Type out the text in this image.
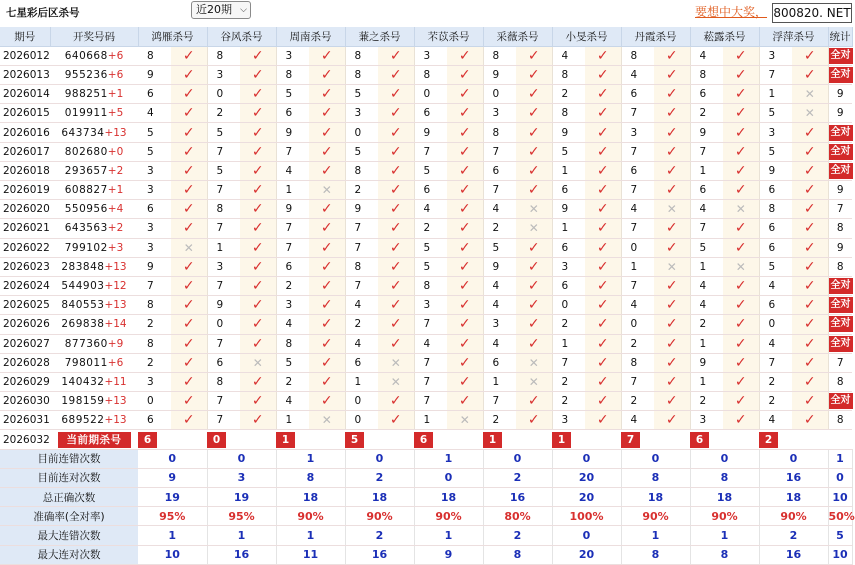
七星彩后区杀号	近20期 ⌵	要想中大奖， 800820. NET
期号	开奖号码	鸿雁杀号		谷风杀号		周南杀号		蒹之杀号		芣苡杀号		采薇杀号		小旻杀号		丹霞杀号		菘露杀号		浮萍杀号		统计
2026012	640668+6	8	✓	8	✓	3	✓	8	✓	3	✓	8	✓	4	✓	8	✓	4	✓	3	✓	全对
2026013	955236+6	9	✓	3	✓	8	✓	8	✓	8	✓	9	✓	8	✓	4	✓	8	✓	7	✓	全对
2026014	988251+1	6	✓	0	✓	5	✓	5	✓	0	✓	0	✓	2	✓	6	✓	6	✓	1	✕	9
2026015	019911+5	4	✓	2	✓	6	✓	3	✓	6	✓	3	✓	8	✓	7	✓	2	✓	5	✕	9
2026016	643734+13	5	✓	5	✓	9	✓	0	✓	9	✓	8	✓	9	✓	3	✓	9	✓	3	✓	全对
2026017	802680+0	5	✓	7	✓	7	✓	5	✓	7	✓	7	✓	5	✓	7	✓	7	✓	5	✓	全对
2026018	293657+2	3	✓	5	✓	4	✓	8	✓	5	✓	6	✓	1	✓	6	✓	1	✓	9	✓	全对
2026019	608827+1	3	✓	7	✓	1	✕	2	✓	6	✓	7	✓	6	✓	7	✓	6	✓	6	✓	9
2026020	550956+4	6	✓	8	✓	9	✓	9	✓	4	✓	4	✕	9	✓	4	✕	4	✕	8	✓	7
2026021	643563+2	3	✓	7	✓	7	✓	7	✓	2	✓	2	✕	1	✓	7	✓	7	✓	6	✓	8
2026022	799102+3	3	✕	1	✓	7	✓	7	✓	5	✓	5	✓	6	✓	0	✓	5	✓	6	✓	9
2026023	283848+13	9	✓	3	✓	6	✓	8	✓	5	✓	9	✓	3	✓	1	✕	1	✕	5	✓	8
2026024	544903+12	7	✓	7	✓	2	✓	7	✓	8	✓	4	✓	6	✓	7	✓	4	✓	4	✓	全对
2026025	840553+13	8	✓	9	✓	3	✓	4	✓	3	✓	4	✓	0	✓	4	✓	4	✓	6	✓	全对
2026026	269838+14	2	✓	0	✓	4	✓	2	✓	7	✓	3	✓	2	✓	0	✓	2	✓	0	✓	全对
2026027	877360+9	8	✓	7	✓	8	✓	4	✓	4	✓	4	✓	1	✓	2	✓	1	✓	4	✓	全对
2026028	798011+6	2	✓	6	✕	5	✓	6	✕	7	✓	6	✕	7	✓	8	✓	9	✓	7	✓	7
2026029	140432+11	3	✓	8	✓	2	✓	1	✕	7	✓	1	✕	2	✓	7	✓	1	✓	2	✓	8
2026030	198159+13	0	✓	7	✓	4	✓	0	✓	7	✓	7	✓	2	✓	2	✓	2	✓	2	✓	全对
2026031	689522+13	6	✓	7	✓	1	✕	0	✓	1	✕	2	✓	3	✓	4	✓	3	✓	4	✓	8
2026032	当前期杀号	6		0		1		5		6		1		1		7		6		2		
目前连错次数		0		0		1		0		1		0		0		0		0		0		1
目前连对次数		9		3		8		2		0		2		20		8		8		16		0
总正确次数		19		19		18		18		18		16		20		18		18		18		10
准确率(全对率)		95%		95%		90%		90%		90%		80%		100%		90%		90%		90%		50%
最大连错次数		1		1		1		2		1		2		0		1		1		2		5
最大连对次数		10		16		11		16		9		8		20		8		8		16		10
